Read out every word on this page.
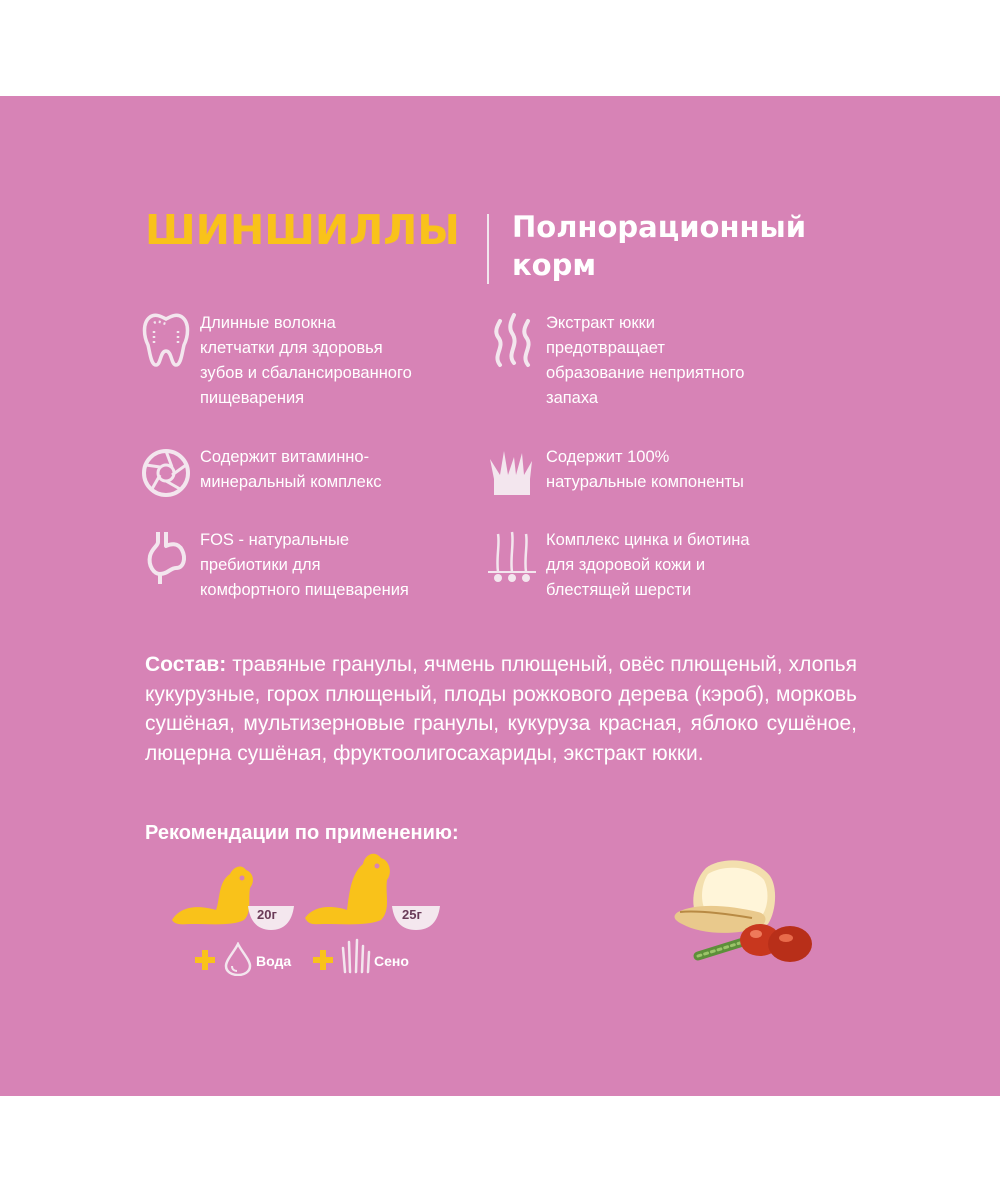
ШИНШИЛЛЫ Полнорационный корм
Длинные волокна
клетчатки для здоровья
зубов и сбалансированного
пищеварения
Экстракт юкки
предотвращает
образование неприятного
запаха
Содержит витаминно-
минеральный комплекс
Содержит 100%
натуральные компоненты
FOS - натуральные
пребиотики для
комфортного пищеварения
Комплекс цинка и биотина
для здоровой кожи и
блестящей шерсти
Состав: травяные гранулы, ячмень плющеный, овёс плющеный, хлопья кукурузные, горох плющеный, плоды рожкового дерева (кэроб), морковь сушёная, мультизерновые гранулы, кукуруза красная, яблоко сушёное, люцерна сушёная, фруктоолигосахариды, экстракт юкки.
Рекомендации по применению:
20г	25г
Вода	Сено
